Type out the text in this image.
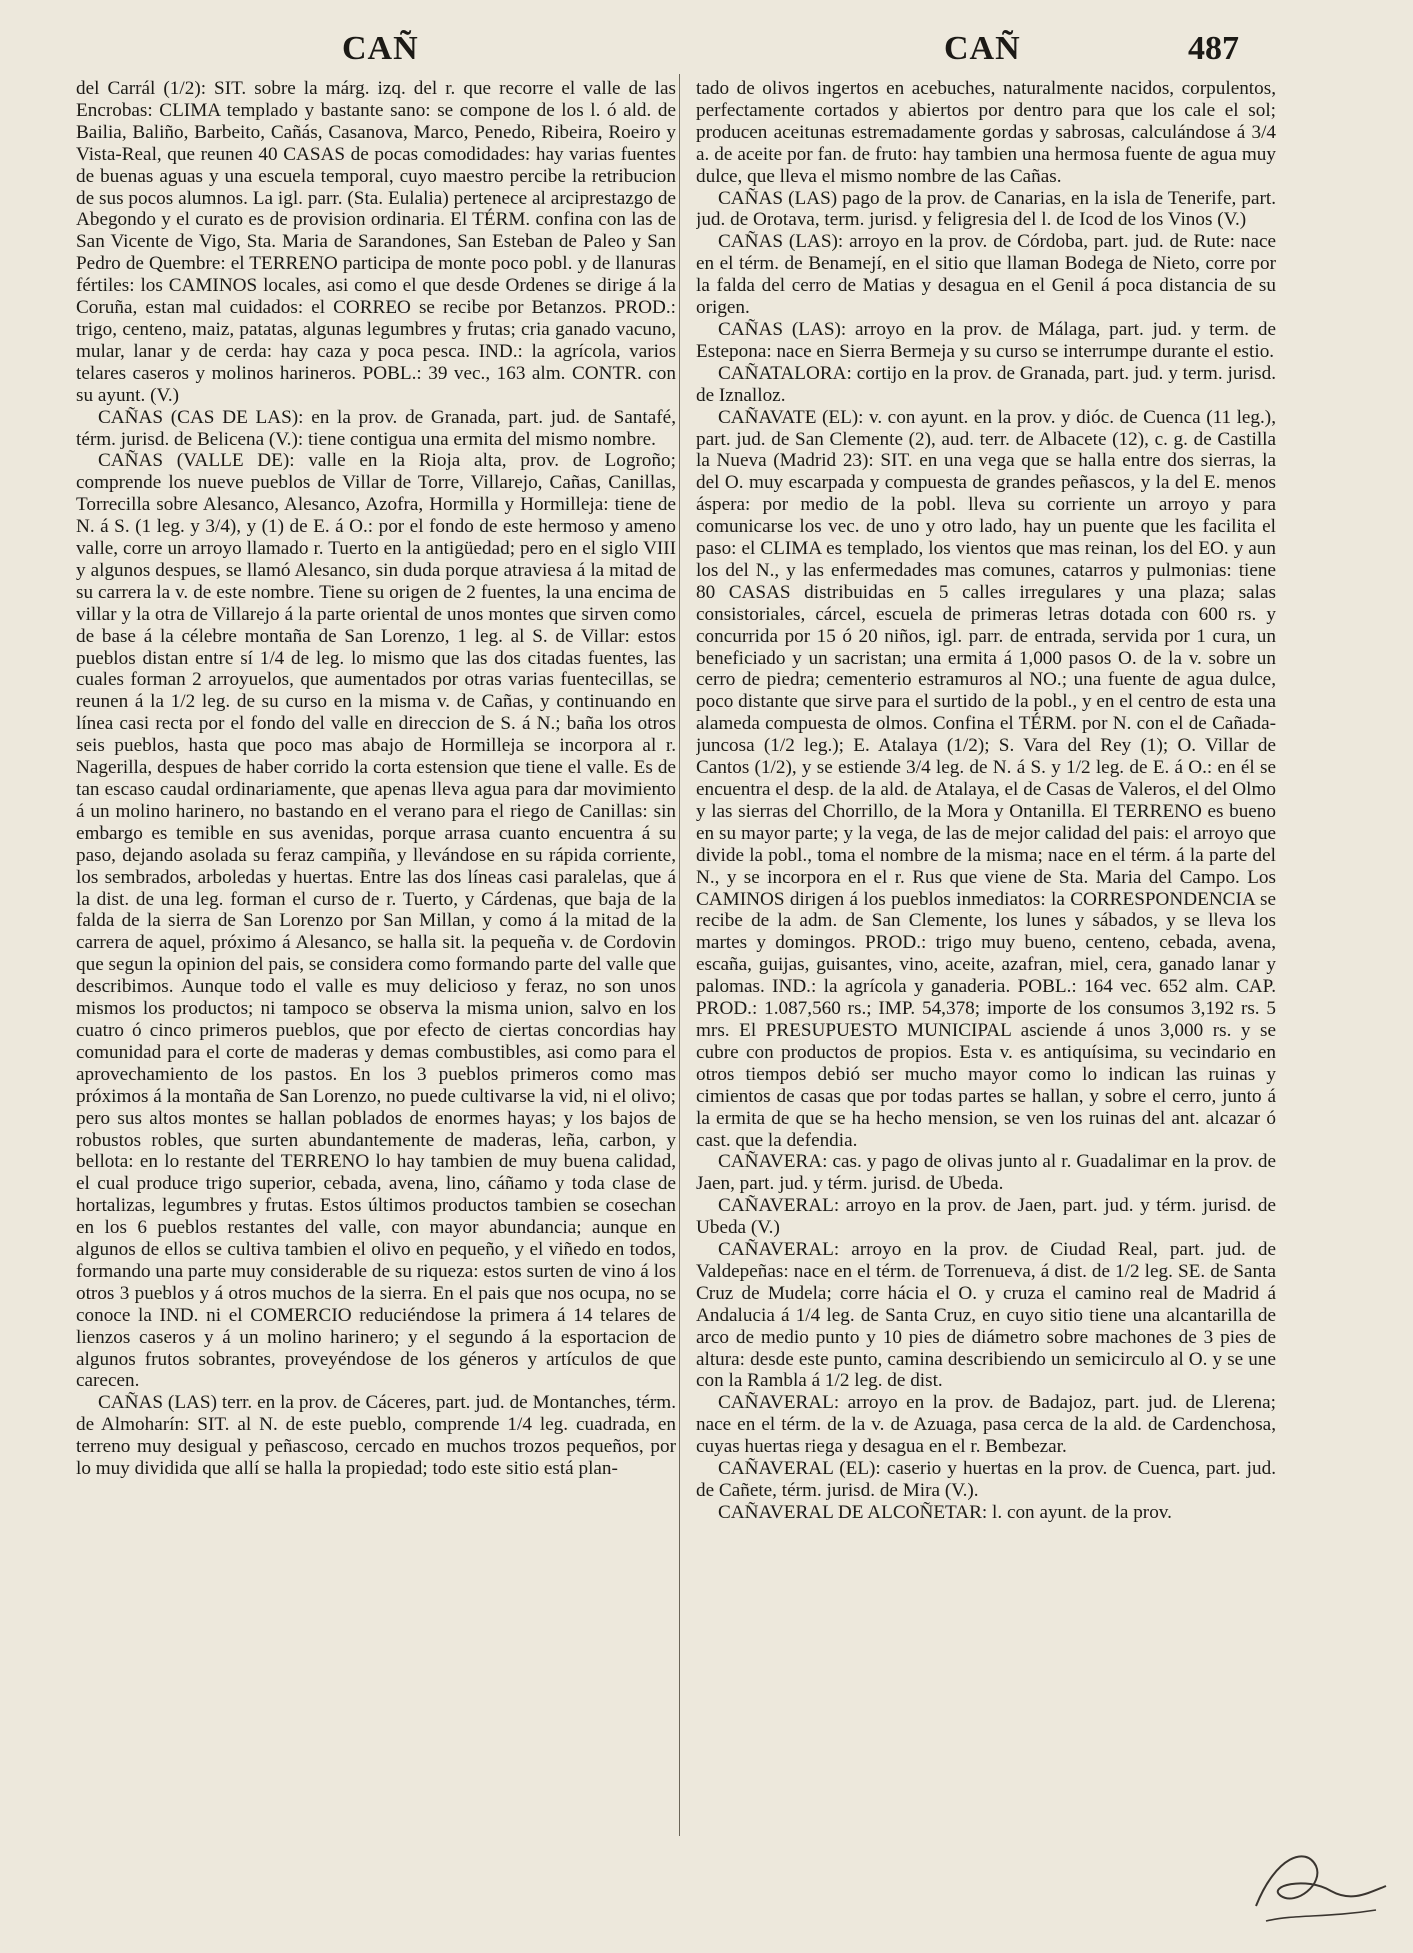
CAÑ	CAÑ	487

del Carrál (1/2): SIT. sobre la márg. izq. del r. que recorre el valle de las Encrobas: CLIMA templado y bastante sano: se compone de los l. ó ald. de Bailia, Baliño, Barbeito, Cañás, Casanova, Marco, Penedo, Ribeira, Roeiro y Vista-Real, que reunen 40 CASAS de pocas comodidades: hay varias fuentes de buenas aguas y una escuela temporal, cuyo maestro percibe la retribucion de sus pocos alumnos. La igl. parr. (Sta. Eulalia) pertenece al arciprestazgo de Abegondo y el curato es de provision ordinaria. El TÉRM. confina con las de San Vicente de Vigo, Sta. Maria de Sarandones, San Esteban de Paleo y San Pedro de Quembre: el TERRENO participa de monte poco pobl. y de llanuras fértiles: los CAMINOS locales, asi como el que desde Ordenes se dirige á la Coruña, estan mal cuidados: el CORREO se recibe por Betanzos. PROD.: trigo, centeno, maiz, patatas, algunas legumbres y frutas; cria ganado vacuno, mular, lanar y de cerda: hay caza y poca pesca. IND.: la agrícola, varios telares caseros y molinos harineros. POBL.: 39 vec., 163 alm. CONTR. con su ayunt. (V.)

CAÑAS (CAS DE LAS): en la prov. de Granada, part. jud. de Santafé, térm. jurisd. de Belicena (V.): tiene contigua una ermita del mismo nombre.

CAÑAS (VALLE DE): valle en la Rioja alta, prov. de Logroño; comprende los nueve pueblos de Villar de Torre, Villarejo, Cañas, Canillas, Torrecilla sobre Alesanco, Alesanco, Azofra, Hormilla y Hormilleja: tiene de N. á S. (1 leg. y 3/4), y (1) de E. á O.: por el fondo de este hermoso y ameno valle, corre un arroyo llamado r. Tuerto en la antigüedad; pero en el siglo VIII y algunos despues, se llamó Alesanco, sin duda porque atraviesa á la mitad de su carrera la v. de este nombre. Tiene su origen de 2 fuentes, la una encima de villar y la otra de Villarejo á la parte oriental de unos montes que sirven como de base á la célebre montaña de San Lorenzo, 1 leg. al S. de Villar: estos pueblos distan entre sí 1/4 de leg. lo mismo que las dos citadas fuentes, las cuales forman 2 arroyuelos, que aumentados por otras varias fuentecillas, se reunen á la 1/2 leg. de su curso en la misma v. de Cañas, y continuando en línea casi recta por el fondo del valle en direccion de S. á N.; baña los otros seis pueblos, hasta que poco mas abajo de Hormilleja se incorpora al r. Nagerilla, despues de haber corrido la corta estension que tiene el valle. Es de tan escaso caudal ordinariamente, que apenas lleva agua para dar movimiento á un molino harinero, no bastando en el verano para el riego de Canillas: sin embargo es temible en sus avenidas, porque arrasa cuanto encuentra á su paso, dejando asolada su feraz campiña, y llevándose en su rápida corriente, los sembrados, arboledas y huertas. Entre las dos líneas casi paralelas, que á la dist. de una leg. forman el curso de r. Tuerto, y Cárdenas, que baja de la falda de la sierra de San Lorenzo por San Millan, y como á la mitad de la carrera de aquel, próximo á Alesanco, se halla sit. la pequeña v. de Cordovin que segun la opinion del pais, se considera como formando parte del valle que describimos. Aunque todo el valle es muy delicioso y feraz, no son unos mismos los productos; ni tampoco se observa la misma union, salvo en los cuatro ó cinco primeros pueblos, que por efecto de ciertas concordias hay comunidad para el corte de maderas y demas combustibles, asi como para el aprovechamiento de los pastos. En los 3 pueblos primeros como mas próximos á la montaña de San Lorenzo, no puede cultivarse la vid, ni el olivo; pero sus altos montes se hallan poblados de enormes hayas; y los bajos de robustos robles, que surten abundantemente de maderas, leña, carbon, y bellota: en lo restante del TERRENO lo hay tambien de muy buena calidad, el cual produce trigo superior, cebada, avena, lino, cáñamo y toda clase de hortalizas, legumbres y frutas. Estos últimos productos tambien se cosechan en los 6 pueblos restantes del valle, con mayor abundancia; aunque en algunos de ellos se cultiva tambien el olivo en pequeño, y el viñedo en todos, formando una parte muy considerable de su riqueza: estos surten de vino á los otros 3 pueblos y á otros muchos de la sierra. En el pais que nos ocupa, no se conoce la IND. ni el COMERCIO reduciéndose la primera á 14 telares de lienzos caseros y á un molino harinero; y el segundo á la esportacion de algunos frutos sobrantes, proveyéndose de los géneros y artículos de que carecen.

CAÑAS (LAS) terr. en la prov. de Cáceres, part. jud. de Montanches, térm. de Almoharín: SIT. al N. de este pueblo, comprende 1/4 leg. cuadrada, en terreno muy desigual y peñascoso, cercado en muchos trozos pequeños, por lo muy dividida que allí se halla la propiedad; todo este sitio está plan-

tado de olivos ingertos en acebuches, naturalmente nacidos, corpulentos, perfectamente cortados y abiertos por dentro para que los cale el sol; producen aceitunas estremadamente gordas y sabrosas, calculándose á 3/4 a. de aceite por fan. de fruto: hay tambien una hermosa fuente de agua muy dulce, que lleva el mismo nombre de las Cañas.

CAÑAS (LAS) pago de la prov. de Canarias, en la isla de Tenerife, part. jud. de Orotava, term. jurisd. y feligresia del l. de Icod de los Vinos (V.)

CAÑAS (LAS): arroyo en la prov. de Córdoba, part. jud. de Rute: nace en el térm. de Benamejí, en el sitio que llaman Bodega de Nieto, corre por la falda del cerro de Matias y desagua en el Genil á poca distancia de su origen.

CAÑAS (LAS): arroyo en la prov. de Málaga, part. jud. y term. de Estepona: nace en Sierra Bermeja y su curso se interrumpe durante el estio.

CAÑATALORA: cortijo en la prov. de Granada, part. jud. y term. jurisd. de Iznalloz.

CAÑAVATE (EL): v. con ayunt. en la prov. y dióc. de Cuenca (11 leg.), part. jud. de San Clemente (2), aud. terr. de Albacete (12), c. g. de Castilla la Nueva (Madrid 23): SIT. en una vega que se halla entre dos sierras, la del O. muy escarpada y compuesta de grandes peñascos, y la del E. menos áspera: por medio de la pobl. lleva su corriente un arroyo y para comunicarse los vec. de uno y otro lado, hay un puente que les facilita el paso: el CLIMA es templado, los vientos que mas reinan, los del EO. y aun los del N., y las enfermedades mas comunes, catarros y pulmonias: tiene 80 CASAS distribuidas en 5 calles irregulares y una plaza; salas consistoriales, cárcel, escuela de primeras letras dotada con 600 rs. y concurrida por 15 ó 20 niños, igl. parr. de entrada, servida por 1 cura, un beneficiado y un sacristan; una ermita á 1,000 pasos O. de la v. sobre un cerro de piedra; cementerio estramuros al NO.; una fuente de agua dulce, poco distante que sirve para el surtido de la pobl., y en el centro de esta una alameda compuesta de olmos. Confina el TÉRM. por N. con el de Cañada-juncosa (1/2 leg.); E. Atalaya (1/2); S. Vara del Rey (1); O. Villar de Cantos (1/2), y se estiende 3/4 leg. de N. á S. y 1/2 leg. de E. á O.: en él se encuentra el desp. de la ald. de Atalaya, el de Casas de Valeros, el del Olmo y las sierras del Chorrillo, de la Mora y Ontanilla. El TERRENO es bueno en su mayor parte; y la vega, de las de mejor calidad del pais: el arroyo que divide la pobl., toma el nombre de la misma; nace en el térm. á la parte del N., y se incorpora en el r. Rus que viene de Sta. Maria del Campo. Los CAMINOS dirigen á los pueblos inmediatos: la CORRESPONDENCIA se recibe de la adm. de San Clemente, los lunes y sábados, y se lleva los martes y domingos. PROD.: trigo muy bueno, centeno, cebada, avena, escaña, guijas, guisantes, vino, aceite, azafran, miel, cera, ganado lanar y palomas. IND.: la agrícola y ganaderia. POBL.: 164 vec. 652 alm. CAP. PROD.: 1.087,560 rs.; IMP. 54,378; importe de los consumos 3,192 rs. 5 mrs. El PRESUPUESTO MUNICIPAL asciende á unos 3,000 rs. y se cubre con productos de propios. Esta v. es antiquísima, su vecindario en otros tiempos debió ser mucho mayor como lo indican las ruinas y cimientos de casas que por todas partes se hallan, y sobre el cerro, junto á la ermita de que se ha hecho mension, se ven los ruinas del ant. alcazar ó cast. que la defendia.

CAÑAVERA: cas. y pago de olivas junto al r. Guadalimar en la prov. de Jaen, part. jud. y térm. jurisd. de Ubeda.

CAÑAVERAL: arroyo en la prov. de Jaen, part. jud. y térm. jurisd. de Ubeda (V.)

CAÑAVERAL: arroyo en la prov. de Ciudad Real, part. jud. de Valdepeñas: nace en el térm. de Torrenueva, á dist. de 1/2 leg. SE. de Santa Cruz de Mudela; corre hácia el O. y cruza el camino real de Madrid á Andalucia á 1/4 leg. de Santa Cruz, en cuyo sitio tiene una alcantarilla de arco de medio punto y 10 pies de diámetro sobre machones de 3 pies de altura: desde este punto, camina describiendo un semicirculo al O. y se une con la Rambla á 1/2 leg. de dist.

CAÑAVERAL: arroyo en la prov. de Badajoz, part. jud. de Llerena; nace en el térm. de la v. de Azuaga, pasa cerca de la ald. de Cardenchosa, cuyas huertas riega y desagua en el r. Bembezar.

CAÑAVERAL (EL): caserio y huertas en la prov. de Cuenca, part. jud. de Cañete, térm. jurisd. de Mira (V.).

CAÑAVERAL DE ALCOÑETAR: l. con ayunt. de la prov.
